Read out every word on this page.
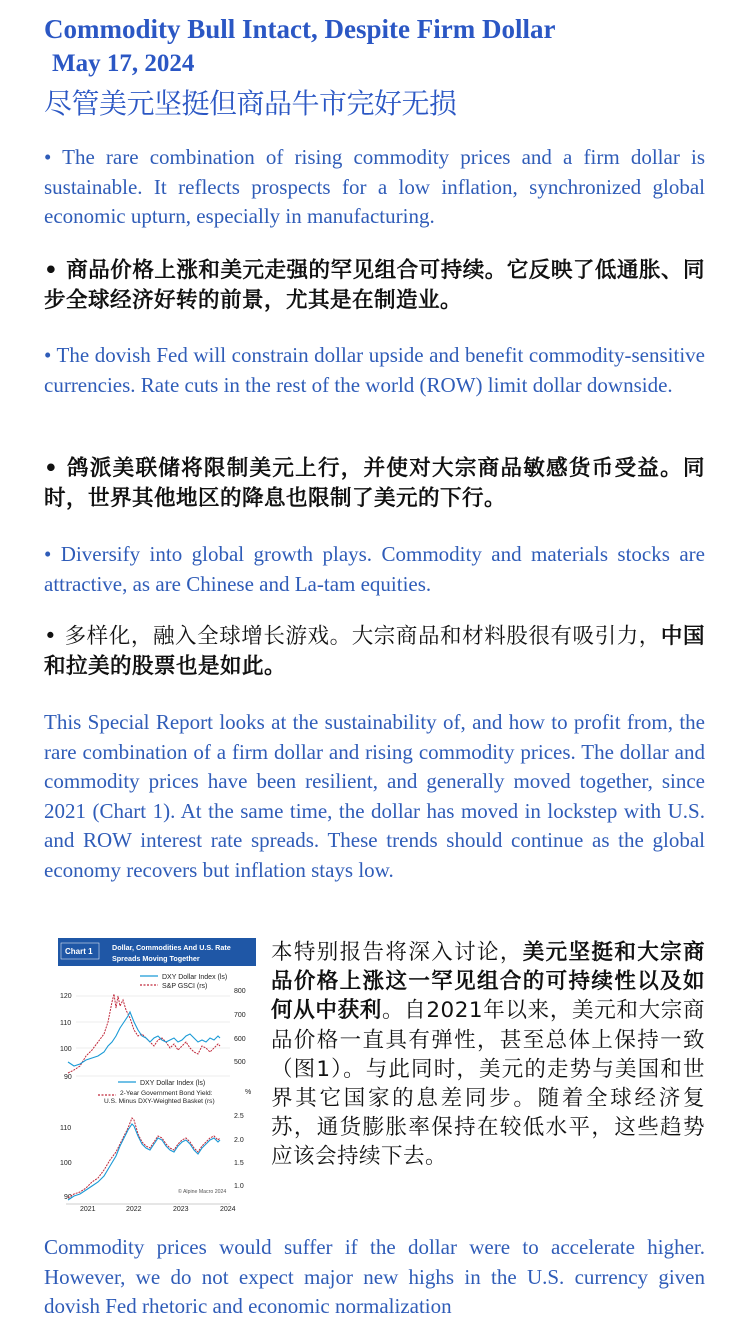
Commodity Bull Intact, Despite Firm Dollar
May 17, 2024
尽管美元坚挺但商品牛市完好无损
• The rare combination of rising commodity prices and a firm dollar is sustainable. It reflects prospects for a low inflation, synchronized global economic upturn, especially in manufacturing.
• 商品价格上涨和美元走强的罕见组合可持续。它反映了低通胀、同步全球经济好转的前景，尤其是在制造业。
• The dovish Fed will constrain dollar upside and benefit commodity-sensitive currencies. Rate cuts in the rest of the world (ROW) limit dollar downside.
• 鸽派美联储将限制美元上行，并使对大宗商品敏感货币受益。同时，世界其他地区的降息也限制了美元的下行。
• Diversify into global growth plays. Commodity and materials stocks are attractive, as are Chinese and La-tam equities.
• 多样化，融入全球增长游戏。大宗商品和材料股很有吸引力，中国和拉美的股票也是如此。
This Special Report looks at the sustainability of, and how to profit from, the rare combination of a firm dollar and rising commodity prices. The dollar and commodity prices have been resilient, and generally moved together, since 2021 (Chart 1). At the same time, the dollar has moved in lockstep with U.S. and ROW interest rate spreads. These trends should continue as the global economy recovers but inflation stays low.
Chart 1	Dollar, Commodities And U.S. Rate
Spreads Moving Together
DXY Dollar Index (ls)
S&P GSCI (rs)
120
110
100
90
800
700
600
500
DXY Dollar Index (ls)
2-Year Government Bond Yield:
U.S. Minus DXY-Weighted Basket (rs)
%
110
100
90
2.5
2.0
1.5
1.0
© Alpine Macro 2024
2021	2022	2023	2024
本特别报告将深入讨论，美元坚挺和大宗商品价格上涨这一罕见组合的可持续性以及如何从中获利。自2021年以来，美元和大宗商品价格一直具有弹性，甚至总体上保持一致（图1）。与此同时，美元的走势与美国和世界其它国家的息差同步。随着全球经济复苏，通货膨胀率保持在较低水平，这些趋势应该会持续下去。
Commodity prices would suffer if the dollar were to accelerate higher. However, we do not expect major new highs in the U.S. currency given dovish Fed rhetoric and economic normalization
